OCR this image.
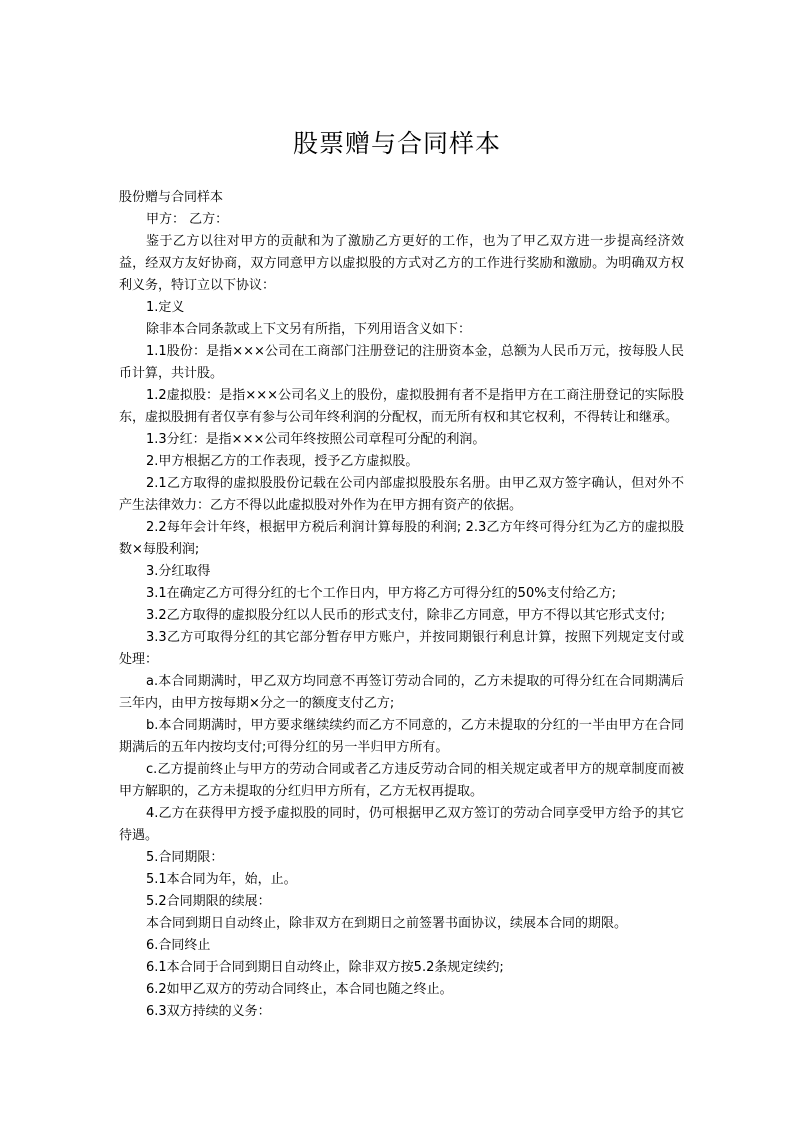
股票赠与合同样本

股份赠与合同样本

甲方： 乙方：

鉴于乙方以往对甲方的贡献和为了激励乙方更好的工作，也为了甲乙双方进一步提高经济效益，经双方友好协商，双方同意甲方以虚拟股的方式对乙方的工作进行奖励和激励。为明确双方权利义务，特订立以下协议：

1.定义

除非本合同条款或上下文另有所指，下列用语含义如下：

1.1股份：是指×××公司在工商部门注册登记的注册资本金，总额为人民币万元，按每股人民币计算，共计股。

1.2虚拟股：是指×××公司名义上的股份，虚拟股拥有者不是指甲方在工商注册登记的实际股东，虚拟股拥有者仅享有参与公司年终利润的分配权，而无所有权和其它权利，不得转让和继承。

1.3分红：是指×××公司年终按照公司章程可分配的利润。

2.甲方根据乙方的工作表现，授予乙方虚拟股。

2.1乙方取得的虚拟股股份记载在公司内部虚拟股股东名册。由甲乙双方签字确认，但对外不产生法律效力：乙方不得以此虚拟股对外作为在甲方拥有资产的依据。

2.2每年会计年终，根据甲方税后利润计算每股的利润; 2.3乙方年终可得分红为乙方的虚拟股数×每股利润;

3.分红取得

3.1在确定乙方可得分红的七个工作日内，甲方将乙方可得分红的50%支付给乙方;

3.2乙方取得的虚拟股分红以人民币的形式支付，除非乙方同意，甲方不得以其它形式支付;

3.3乙方可取得分红的其它部分暂存甲方账户，并按同期银行利息计算，按照下列规定支付或处理：

a.本合同期满时，甲乙双方均同意不再签订劳动合同的，乙方未提取的可得分红在合同期满后三年内，由甲方按每期×分之一的额度支付乙方;

b.本合同期满时，甲方要求继续续约而乙方不同意的，乙方未提取的分红的一半由甲方在合同期满后的五年内按均支付;可得分红的另一半归甲方所有。

c.乙方提前终止与甲方的劳动合同或者乙方违反劳动合同的相关规定或者甲方的规章制度而被甲方解职的，乙方未提取的分红归甲方所有，乙方无权再提取。

4.乙方在获得甲方授予虚拟股的同时，仍可根据甲乙双方签订的劳动合同享受甲方给予的其它待遇。

5.合同期限：

5.1本合同为年，始，止。

5.2合同期限的续展：

本合同到期日自动终止，除非双方在到期日之前签署书面协议，续展本合同的期限。

6.合同终止

6.1本合同于合同到期日自动终止，除非双方按5.2条规定续约;

6.2如甲乙双方的劳动合同终止，本合同也随之终止。

6.3双方持续的义务：
